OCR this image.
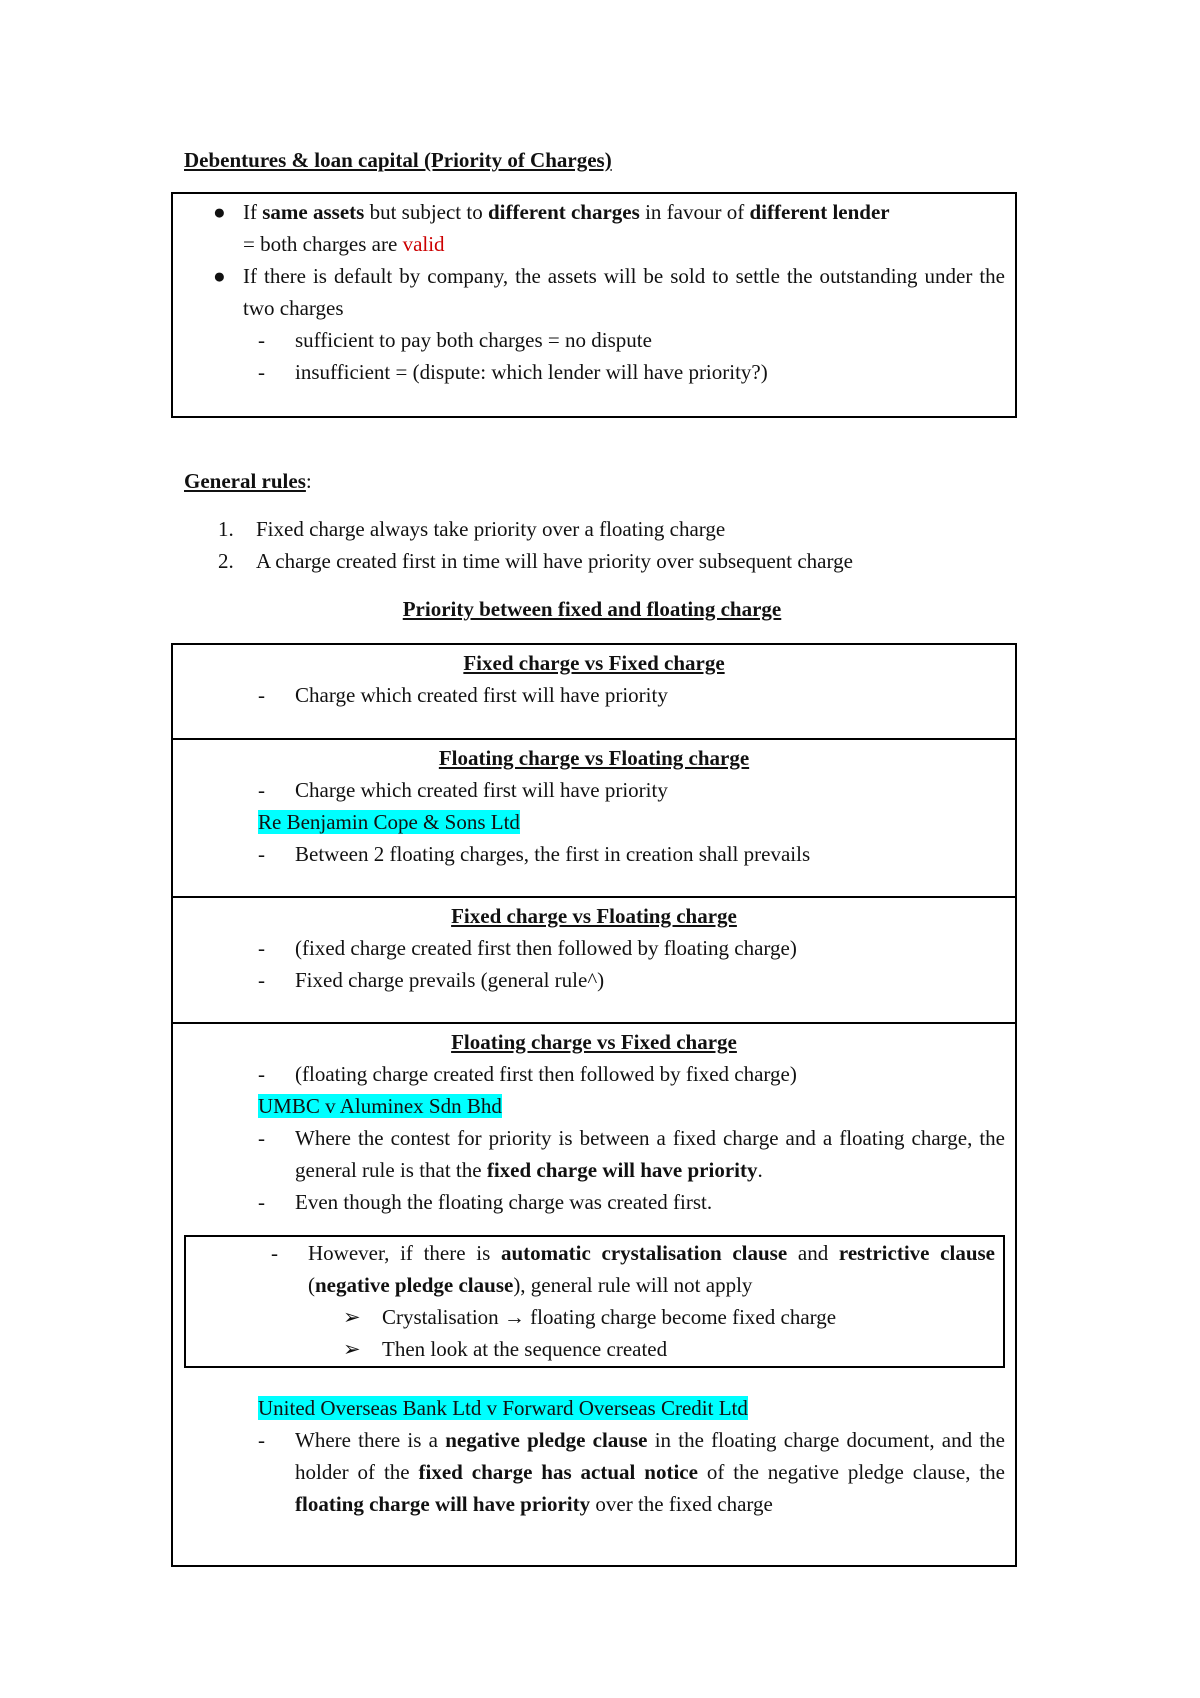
Debentures & loan capital (Priority of Charges)
● If same assets but subject to different charges in favour of different lender
= both charges are valid
● If there is default by company, the assets will be sold to settle the outstanding under the two charges
- sufficient to pay both charges = no dispute
- insufficient = (dispute: which lender will have priority?)
General rules:
1. Fixed charge always take priority over a floating charge
2. A charge created first in time will have priority over subsequent charge
Priority between fixed and floating charge
Fixed charge vs Fixed charge
- Charge which created first will have priority
Floating charge vs Floating charge
- Charge which created first will have priority
Re Benjamin Cope & Sons Ltd
- Between 2 floating charges, the first in creation shall prevails
Fixed charge vs Floating charge
- (fixed charge created first then followed by floating charge)
- Fixed charge prevails (general rule^)
Floating charge vs Fixed charge
- (floating charge created first then followed by fixed charge)
UMBC v Aluminex Sdn Bhd
- Where the contest for priority is between a fixed charge and a floating charge, the general rule is that the fixed charge will have priority.
- Even though the floating charge was created first.
- However, if there is automatic crystalisation clause and restrictive clause (negative pledge clause), general rule will not apply
➢ Crystalisation → floating charge become fixed charge
➢ Then look at the sequence created
United Overseas Bank Ltd v Forward Overseas Credit Ltd
- Where there is a negative pledge clause in the floating charge document, and the holder of the fixed charge has actual notice of the negative pledge clause, the floating charge will have priority over the fixed charge
